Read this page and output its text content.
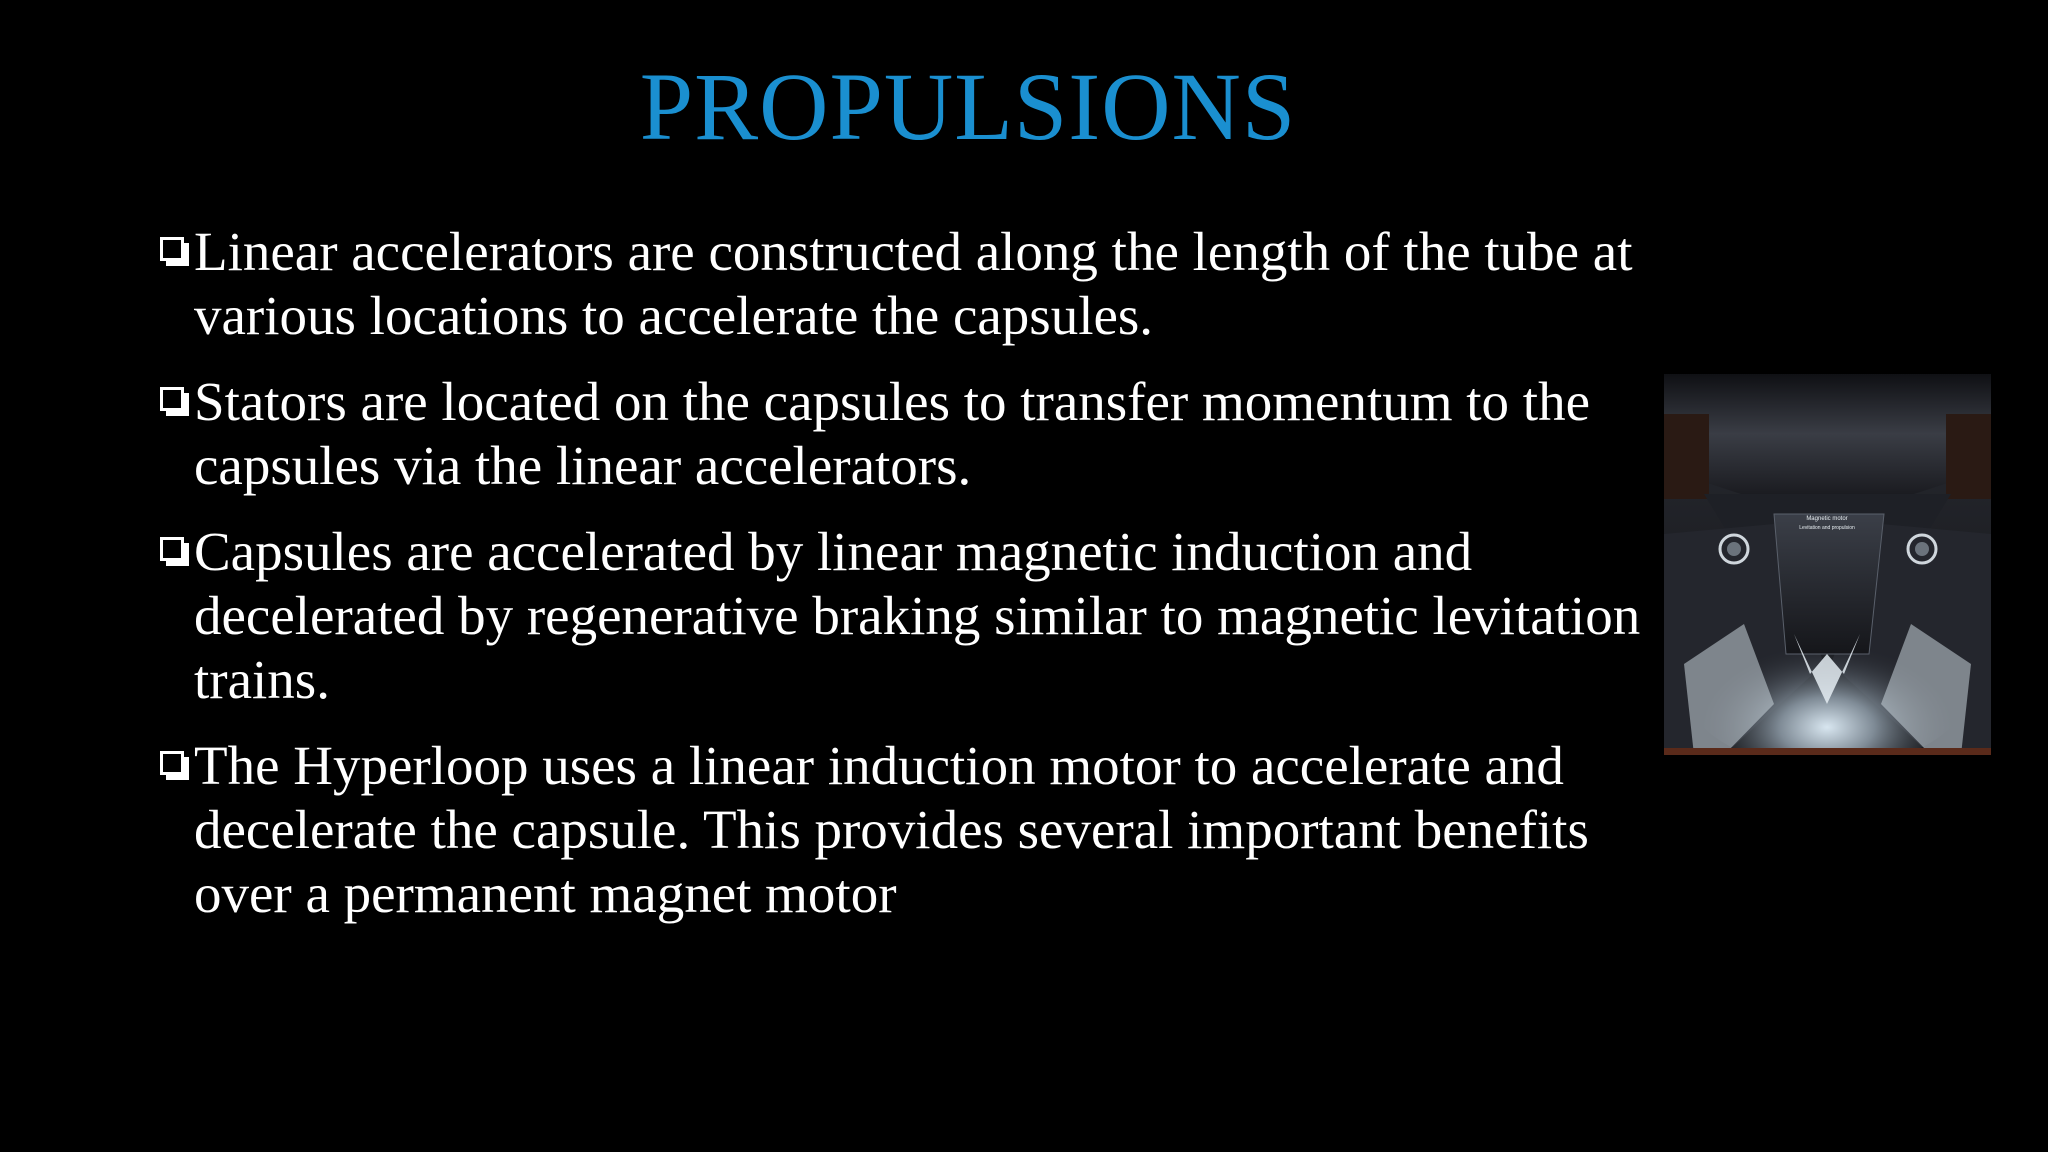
PROPULSIONS
Linear accelerators are constructed along the length of the tube at various locations to accelerate the capsules.
Stators are located on the capsules to transfer momentum to the capsules via the linear accelerators.
Capsules are accelerated by linear magnetic induction and decelerated by regenerative braking similar to magnetic levitation trains.
The Hyperloop uses a linear induction motor to accelerate and decelerate the capsule. This provides several important benefits over a permanent magnet motor
Magnetic motor
Levitation and propulsion
